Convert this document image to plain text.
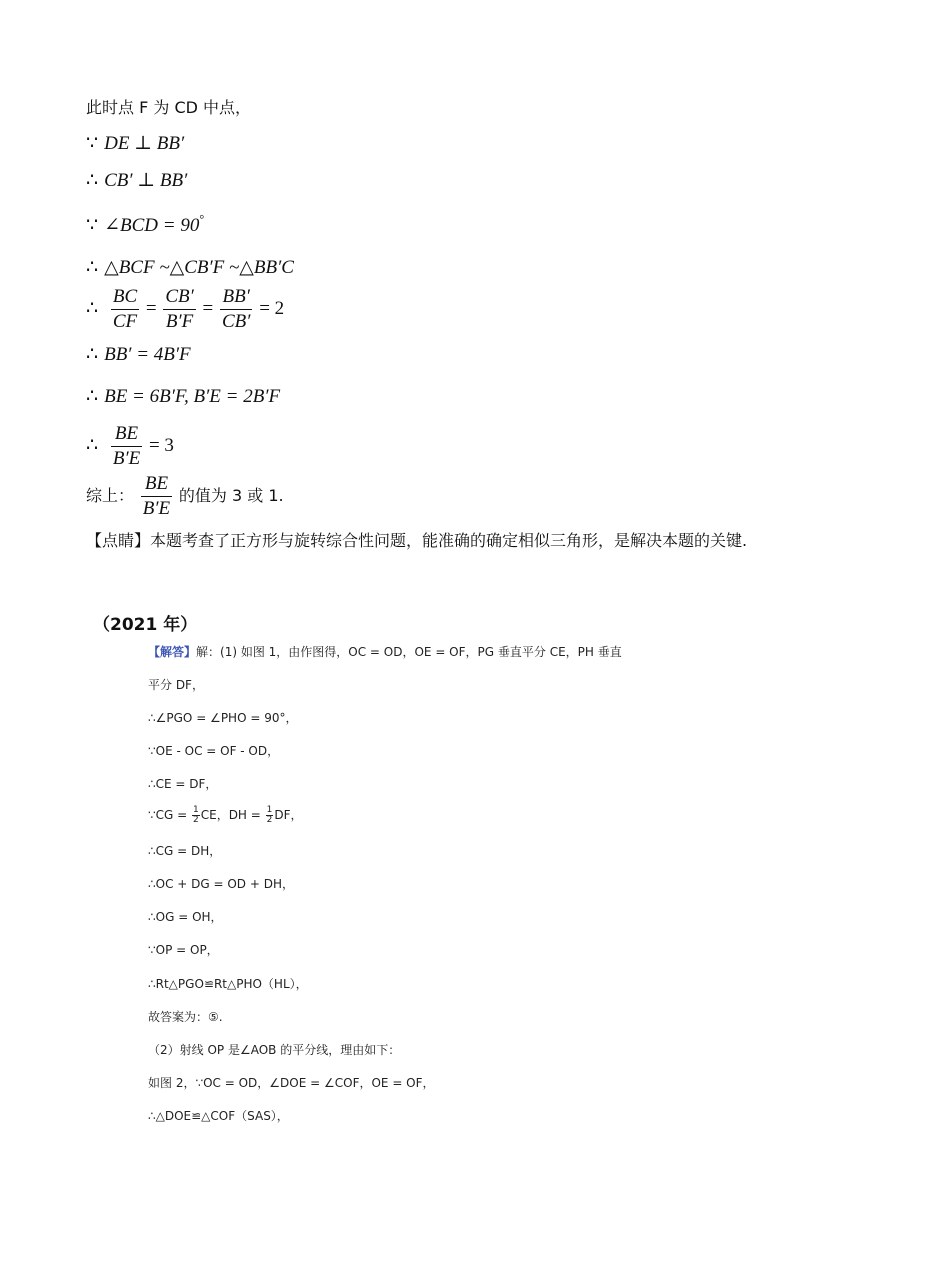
此时点 F 为 CD 中点，
∵ DE ⊥ BB′
∴ CB′ ⊥ BB′
∵ ∠BCD = 90°
∴ △BCF ~△CB′F ~△BB′C
∴ $\frac{BC}{CF} = \frac{CB'}{B'F} = \frac{BB'}{CB'} = 2$
∴ BB′ = 4B′F
∴ BE = 6B′F, B′E = 2B′F
∴ $\frac{BE}{B'E} = 3$
综上： $\frac{BE}{B'E}$ 的值为 3 或 1.
【点睛】本题考查了正方形与旋转综合性问题，能准确的确定相似三角形，是解决本题的关键.
（2021 年）
【解答】解：(1) 如图 1，由作图得，OC = OD，OE = OF，PG 垂直平分 CE，PH 垂直
平分 DF，
∴∠PGO = ∠PHO = 90°，
∵OE - OC = OF - OD，
∴CE = DF，
∵CG = $\frac{1}{2}$ CE，DH = $\frac{1}{2}$ DF，
∴CG = DH，
∴OC + DG = OD + DH，
∴OG = OH，
∵OP = OP，
∴Rt△PGO≌Rt△PHO（HL），
故答案为：⑤.
（2）射线 OP 是∠AOB 的平分线，理由如下：
如图 2，∵OC = OD，∠DOE = ∠COF，OE = OF，
∴△DOE≌△COF（SAS），
